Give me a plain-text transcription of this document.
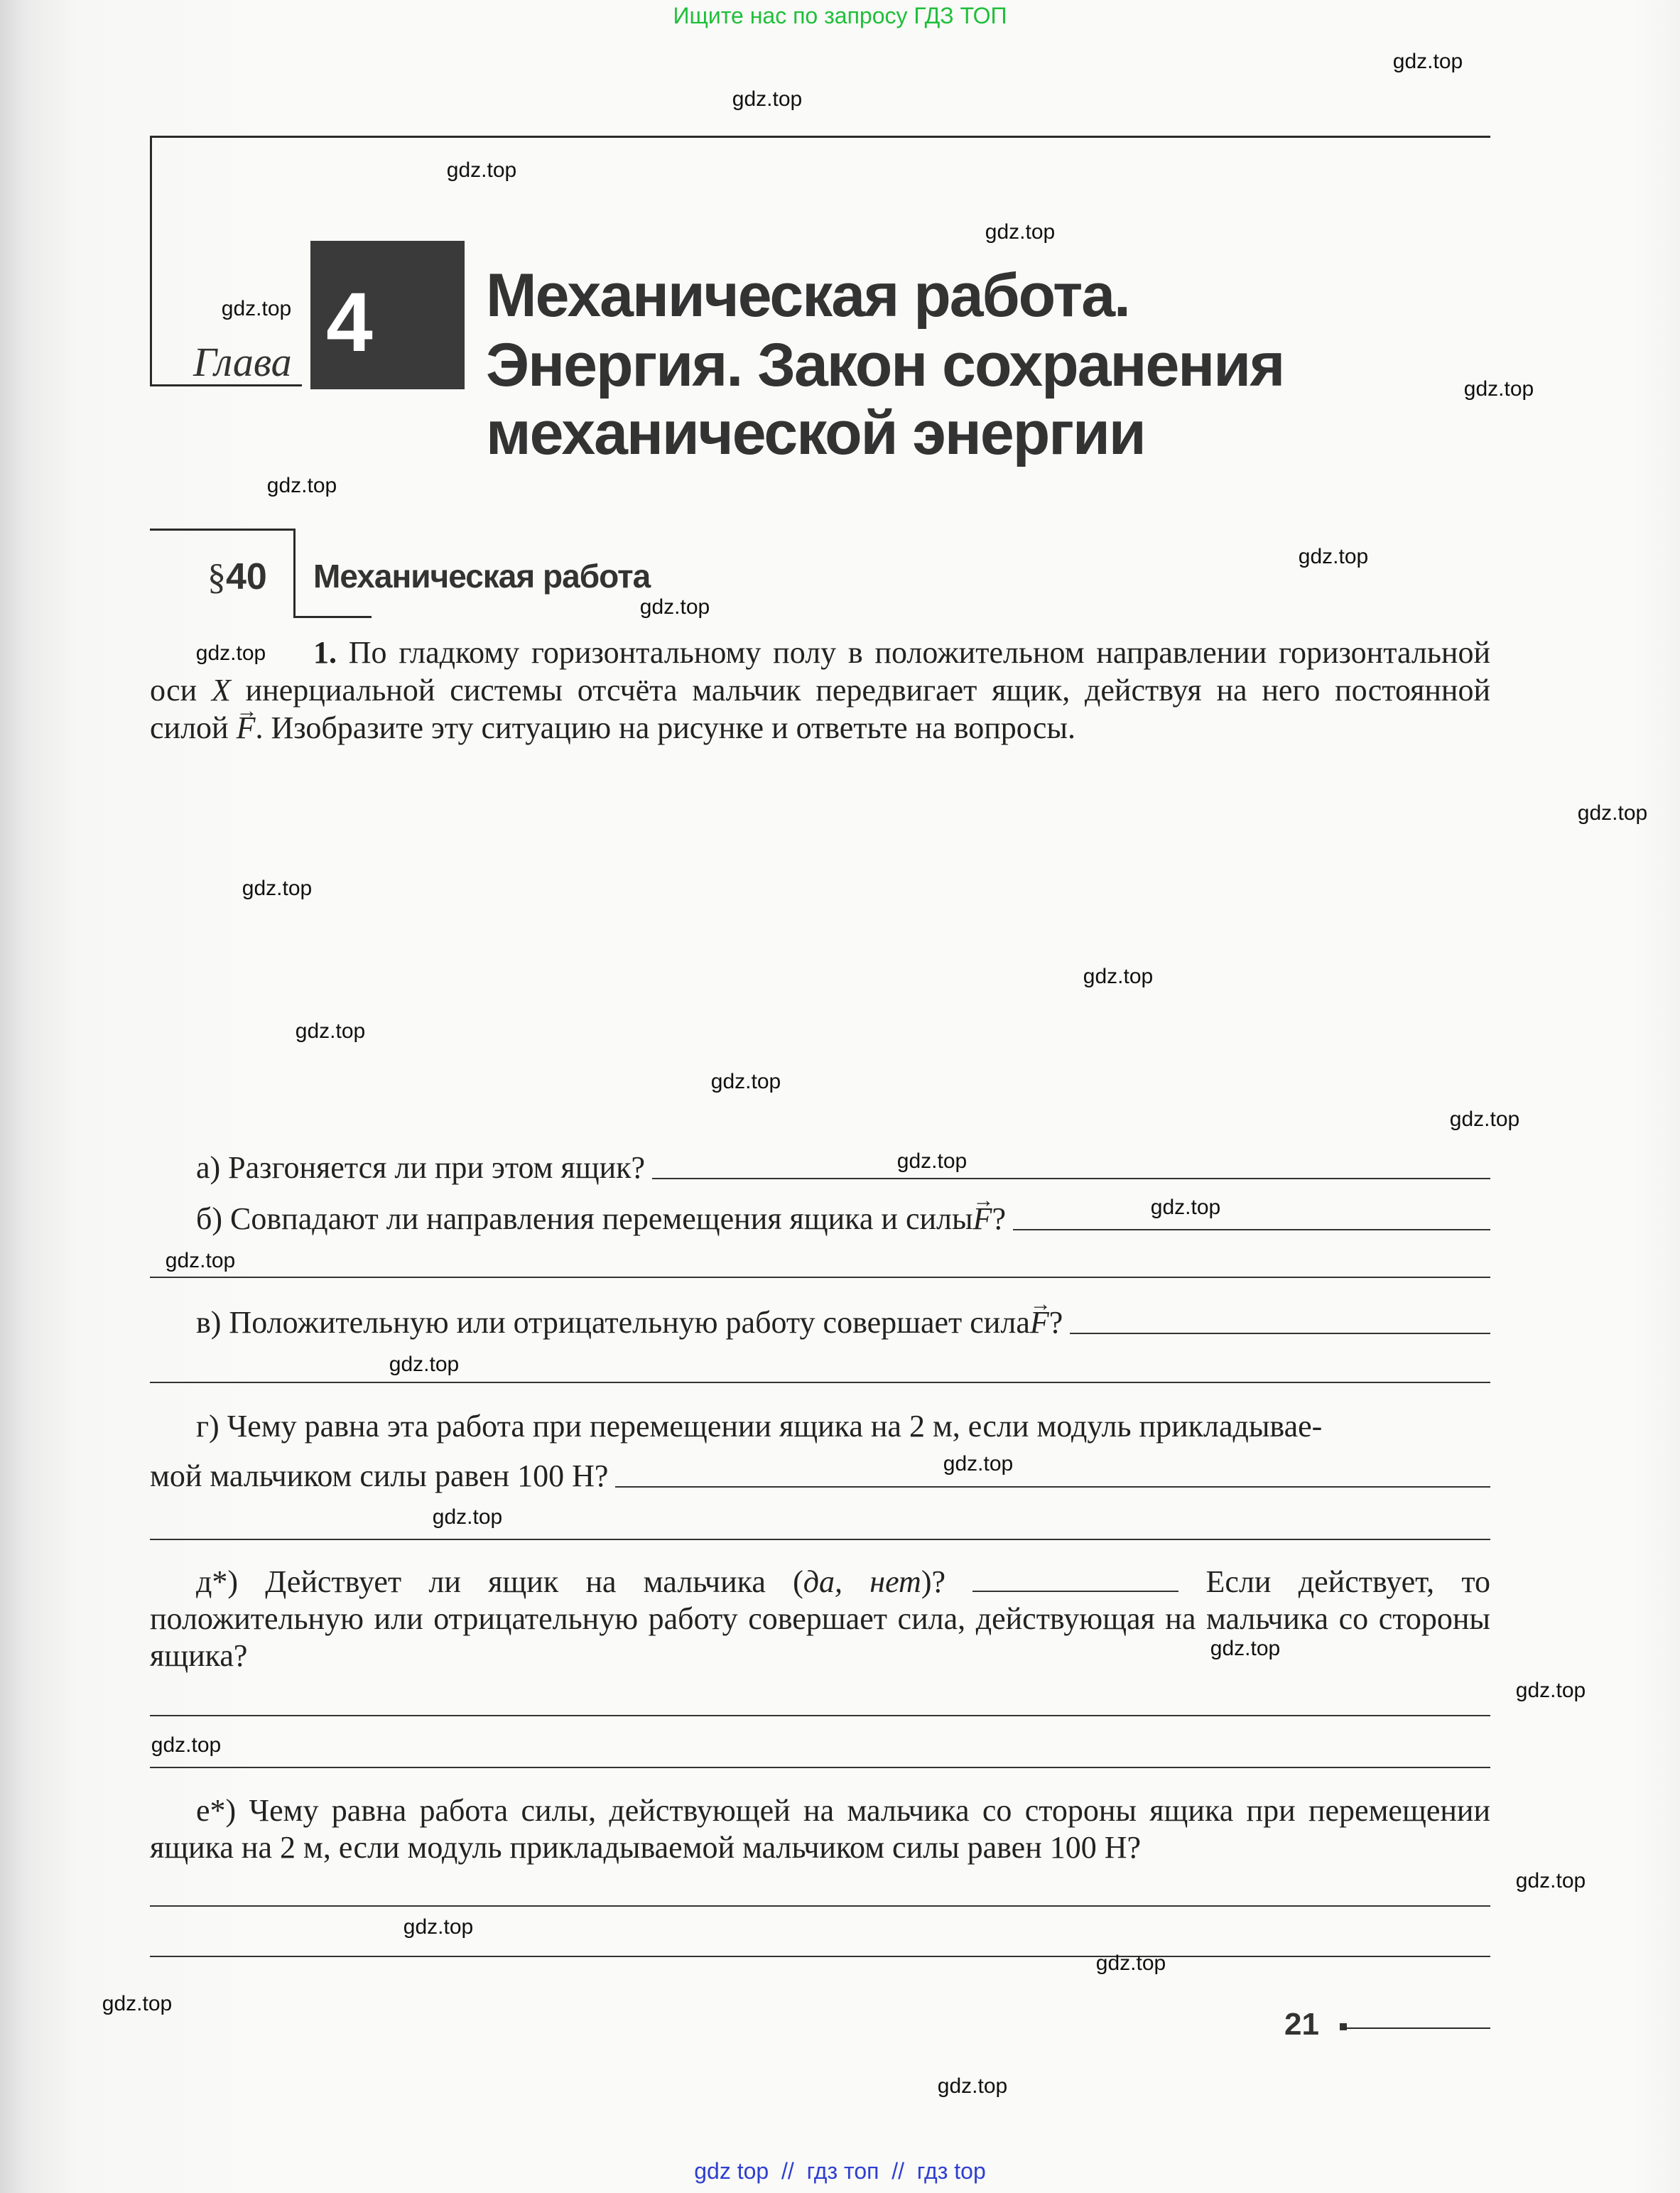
Ищите нас по запросу ГДЗ ТОП
Глава 4 Механическая работа.
Энергия. Закон сохранения
механической энергии
§40 Механическая работа
1. По гладкому горизонтальному полу в положительном направлении горизонтальной оси X инерциальной системы отсчёта мальчик передвигает ящик, действуя на него постоянной силой → F. Изобразите эту ситуацию на рисунке и ответьте на вопросы.
а) Разгоняется ли при этом ящик?
б) Совпадают ли направления перемещения ящика и силы → F ?
в) Положительную или отрицательную работу совершает сила → F ?
г) Чему равна эта работа при перемещении ящика на 2 м, если модуль прикладывае-
мой мальчиком силы равен 100 Н?
д*) Действует ли ящик на мальчика (да, нет)?	Если действует, то положительную или отрицательную работу совершает сила, действующая на мальчика со стороны ящика?
е*) Чему равна работа силы, действующей на мальчика со стороны ящика при перемещении ящика на 2 м, если модуль прикладываемой мальчиком силы равен 100 Н?
21
gdz.top
gdz.top
gdz.top
gdz.top
gdz.top
gdz.top
gdz.top
gdz.top
gdz.top
gdz.top
gdz.top
gdz.top
gdz.top
gdz.top
gdz.top
gdz.top
gdz.top
gdz.top
gdz.top
gdz.top
gdz.top
gdz.top
gdz.top
gdz.top
gdz.top
gdz.top
gdz.top
gdz.top
gdz.top
gdz.top
gdz top  //  гдз топ  //  гдз top
